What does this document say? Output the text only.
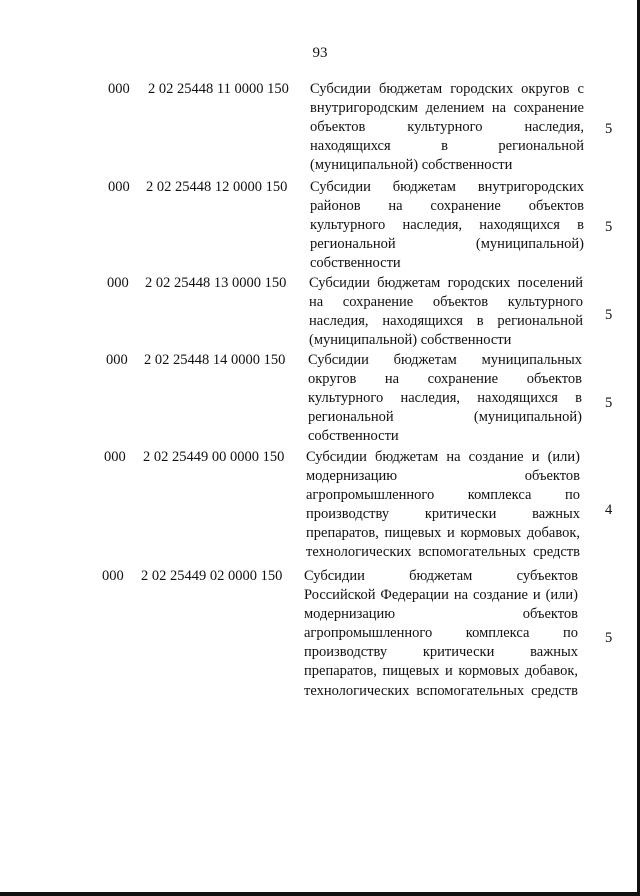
93
000 2 02 25448 11 0000 150 Субсидии бюджетам городских округов с
внутригородским делением на сохранение
объектов культурного наследия,
находящихся в региональной
(муниципальной) собственности
5
000 2 02 25448 12 0000 150 Субсидии бюджетам внутригородских
районов на сохранение объектов
культурного наследия, находящихся в
региональной (муниципальной)
собственности
5
000 2 02 25448 13 0000 150 Субсидии бюджетам городских поселений
на сохранение объектов культурного
наследия, находящихся в региональной
(муниципальной) собственности
5
000 2 02 25448 14 0000 150 Субсидии бюджетам муниципальных
округов на сохранение объектов
культурного наследия, находящихся в
региональной (муниципальной)
собственности
5
000 2 02 25449 00 0000 150 Субсидии бюджетам на создание и (или)
модернизацию объектов
агропромышленного комплекса по
производству критически важных
препаратов, пищевых и кормовых добавок,
технологических вспомогательных средств
4
000 2 02 25449 02 0000 150 Субсидии бюджетам субъектов
Российской Федерации на создание и (или)
модернизацию объектов
агропромышленного комплекса по
производству критически важных
препаратов, пищевых и кормовых добавок,
технологических вспомогательных средств
5
